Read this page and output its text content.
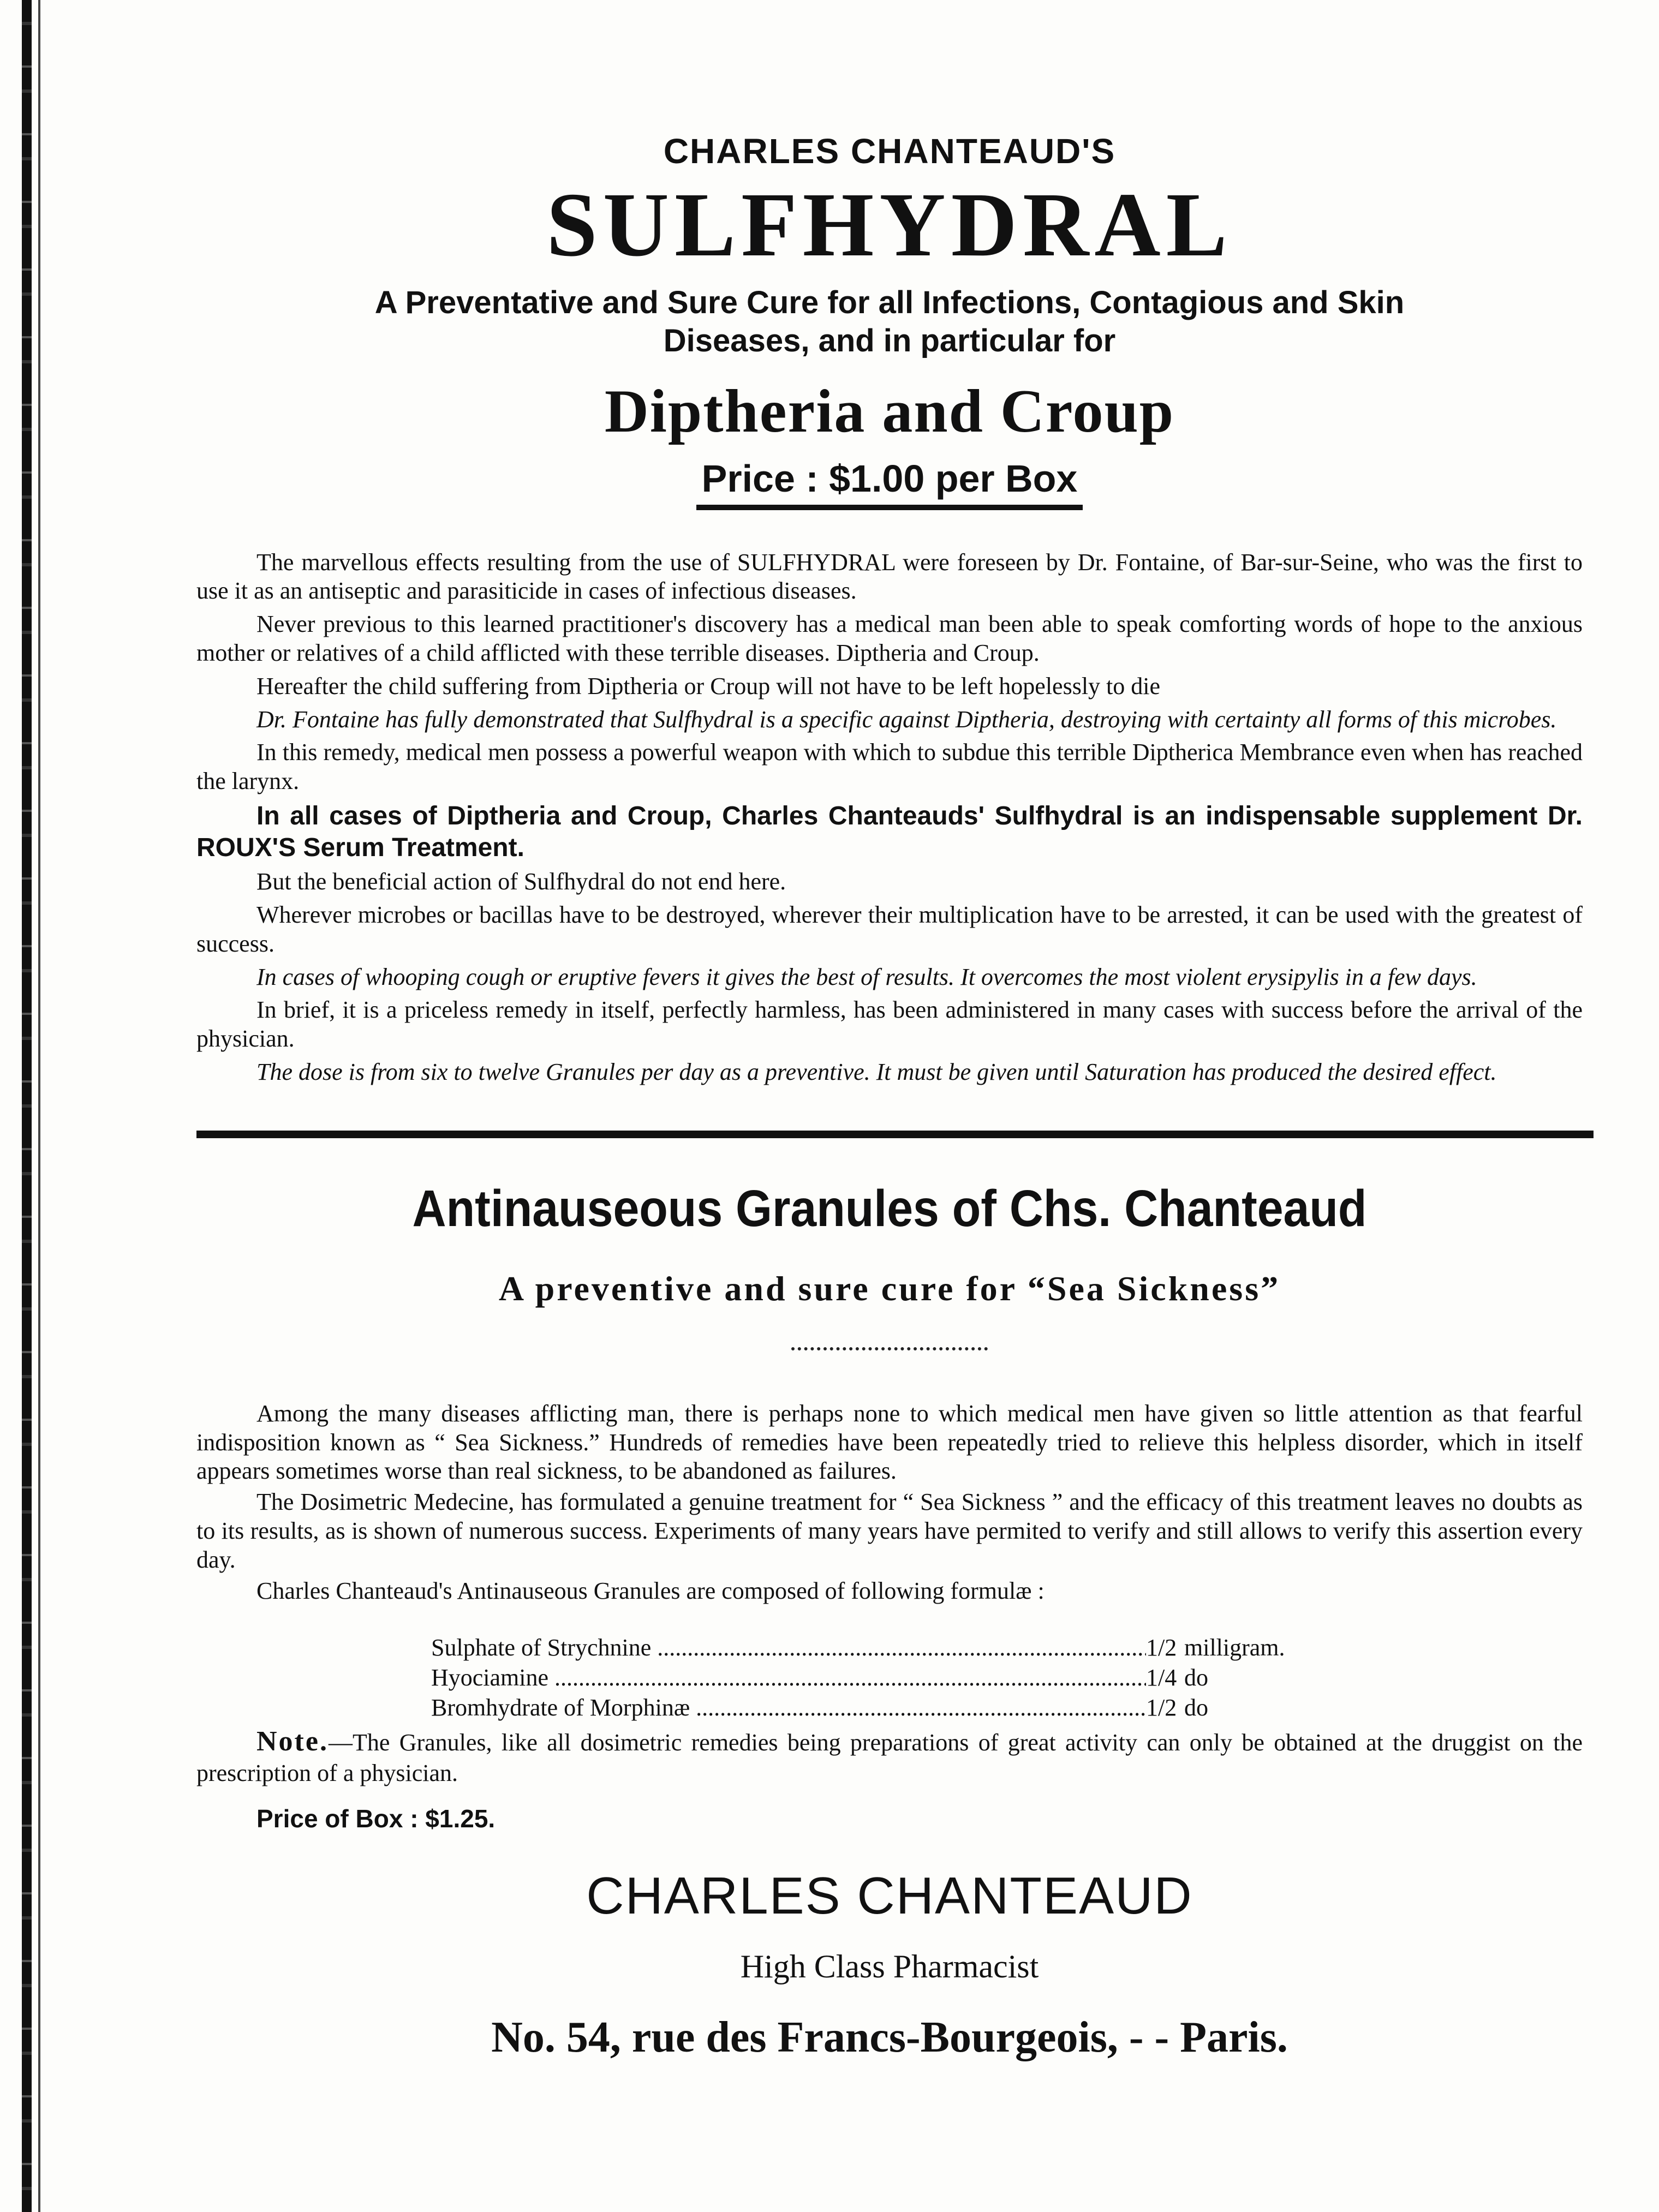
CHARLES CHANTEAUD'S

SULFHYDRAL

A Preventative and Sure Cure for all Infections, Contagious and Skin

Diseases, and in particular for

Diptheria and Croup

Price : $1.00 per Box

The marvellous effects resulting from the use of SULFHYDRAL were foreseen by Dr. Fontaine, of Bar-sur-Seine, who was the first to use it as an antiseptic and parasiticide in cases of infectious diseases.

Never previous to this learned practitioner's discovery has a medical man been able to speak comforting words of hope to the anxious mother or relatives of a child afflicted with these terrible diseases. Diptheria and Croup.

Hereafter the child suffering from Diptheria or Croup will not have to be left hopelessly to die

Dr. Fontaine has fully demonstrated that Sulfhydral is a specific against Diptheria, destroying with certainty all forms of this microbes.

In this remedy, medical men possess a powerful weapon with which to subdue this terrible Diptherica Membrance even when has reached the larynx.

In all cases of Diptheria and Croup, Charles Chanteauds' Sulfhydral is an indispensable supplement Dr. ROUX'S Serum Treatment.

But the beneficial action of Sulfhydral do not end here.

Wherever microbes or bacillas have to be destroyed, wherever their multiplication have to be arrested, it can be used with the greatest of success.

In cases of whooping cough or eruptive fevers it gives the best of results. It overcomes the most violent erysipylis in a few days.

In brief, it is a priceless remedy in itself, perfectly harmless, has been administered in many cases with success before the arrival of the physician.

The dose is from six to twelve Granules per day as a preventive. It must be given until Saturation has produced the desired effect.

Antinauseous Granules of Chs. Chanteaud

A preventive and sure cure for “Sea Sickness”

Among the many diseases afflicting man, there is perhaps none to which medical men have given so little attention as that fearful indisposition known as “ Sea Sickness.” Hundreds of remedies have been repeatedly tried to relieve this helpless disorder, which in itself appears sometimes worse than real sickness, to be abandoned as failures.

The Dosimetric Medecine, has formulated a genuine treatment for “ Sea Sickness ” and the efficacy of this treatment leaves no doubts as to its results, as is shown of numerous success. Experiments of many years have permited to verify and still allows to verify this assertion every day.

Charles Chanteaud's Antinauseous Granules are composed of following formulæ :

Sulphate of Strychnine .....	1/2 milligram.
Hyociamine .....	1/4 do
Bromhydrate of Morphinæ .....	1/2 do

Note.—The Granules, like all dosimetric remedies being preparations of great activity can only be obtained at the druggist on the prescription of a physician.

Price of Box : $1.25.

CHARLES CHANTEAUD

High Class Pharmacist

No. 54, rue des Francs-Bourgeois, - - Paris.
